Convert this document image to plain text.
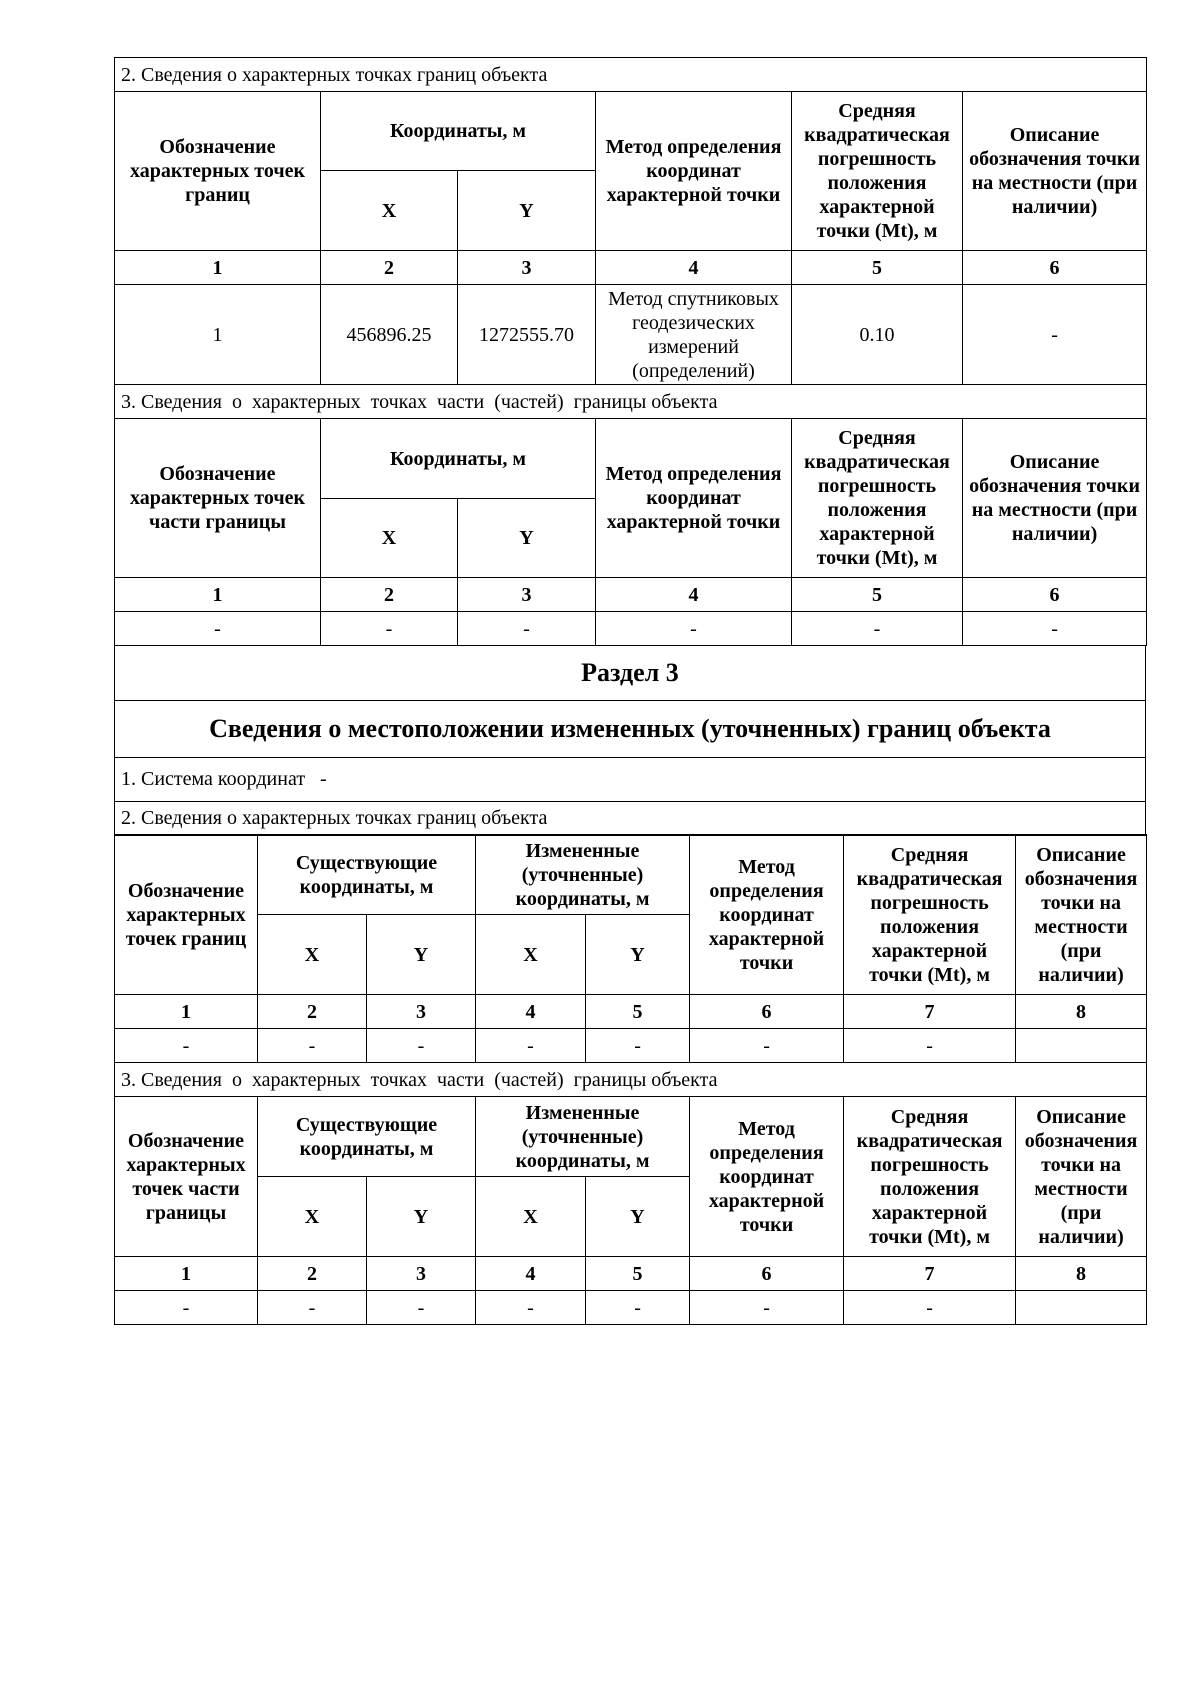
2. Сведения о характерных точках границ объекта					
Обозначение характерных точек границ	Координаты, м		Метод определения координат характерной точки	Средняя квадратическая погрешность положения характерной точки (Mt), м	Описание обозначения точки на местности (при наличии)
	X	Y			
1	2	3	4	5	6
1	456896.25	1272555.70	Метод спутниковых геодезических измерений (определений)	0.10	-
3. Сведения  о  характерных  точках  части  (частей)  границы объекта					
Обозначение характерных точек части границы	Координаты, м		Метод определения координат характерной точки	Средняя квадратическая погрешность положения характерной точки (Mt), м	Описание обозначения точки на местности (при наличии)
	X	Y			
1	2	3	4	5	6
-	-	-	-	-	-
Раздел 3
Сведения о местоположении измененных (уточненных) границ объекта
1. Система координат   -
2. Сведения о характерных точках границ объекта
Обозначение характерных точек границ	Существующие координаты, м		Измененные (уточненные) координаты, м		Метод определения координат характерной точки	Средняя квадратическая погрешность положения характерной точки (Mt), м	Описание обозначения точки на местности (при наличии)
	X	Y	X	Y			
1	2	3	4	5	6	7	8
-	-	-	-	-	-	-	
3. Сведения  о  характерных  точках  части  (частей)  границы объекта							
Обозначение характерных точек части границы	Существующие координаты, м		Измененные (уточненные) координаты, м		Метод определения координат характерной точки	Средняя квадратическая погрешность положения характерной точки (Mt), м	Описание обозначения точки на местности (при наличии)
	X	Y	X	Y			
1	2	3	4	5	6	7	8
-	-	-	-	-	-	-	
